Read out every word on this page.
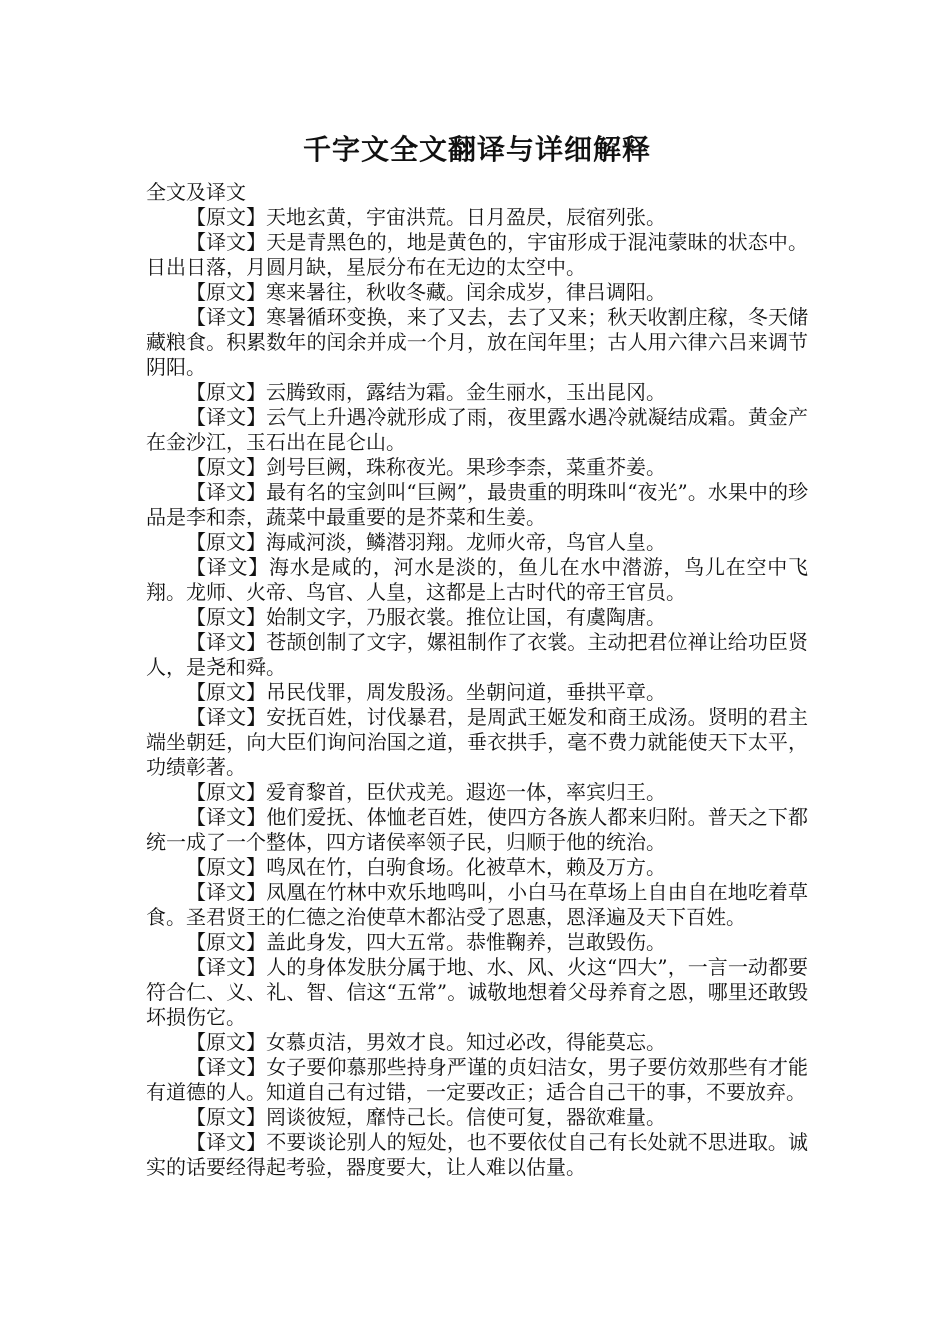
千字文全文翻译与详细解释

全文及译文

【原文】天地玄黄，宇宙洪荒。日月盈昃，辰宿列张。

【译文】天是青黑色的，地是黄色的，宇宙形成于混沌蒙昧的状态中。日出日落，月圆月缺，星辰分布在无边的太空中。

【原文】寒来暑往，秋收冬藏。闰余成岁，律吕调阳。

【译文】寒暑循环变换，来了又去，去了又来；秋天收割庄稼，冬天储藏粮食。积累数年的闰余并成一个月，放在闰年里；古人用六律六吕来调节阴阳。

【原文】云腾致雨，露结为霜。金生丽水，玉出昆冈。

【译文】云气上升遇冷就形成了雨，夜里露水遇冷就凝结成霜。黄金产在金沙江，玉石出在昆仑山。

【原文】剑号巨阙，珠称夜光。果珍李柰，菜重芥姜。

【译文】最有名的宝剑叫“巨阙”，最贵重的明珠叫“夜光”。水果中的珍品是李和柰，蔬菜中最重要的是芥菜和生姜。

【原文】海咸河淡，鳞潜羽翔。龙师火帝，鸟官人皇。

【译文】海水是咸的，河水是淡的，鱼儿在水中潜游，鸟儿在空中飞翔。龙师、火帝、鸟官、人皇，这都是上古时代的帝王官员。

【原文】始制文字，乃服衣裳。推位让国，有虞陶唐。

【译文】苍颉创制了文字，嫘祖制作了衣裳。主动把君位禅让给功臣贤人，是尧和舜。

【原文】吊民伐罪，周发殷汤。坐朝问道，垂拱平章。

【译文】安抚百姓，讨伐暴君，是周武王姬发和商王成汤。贤明的君主端坐朝廷，向大臣们询问治国之道，垂衣拱手，毫不费力就能使天下太平，功绩彰著。

【原文】爱育黎首，臣伏戎羌。遐迩一体，率宾归王。

【译文】他们爱抚、体恤老百姓，使四方各族人都来归附。普天之下都统一成了一个整体，四方诸侯率领子民，归顺于他的统治。

【原文】鸣凤在竹，白驹食场。化被草木，赖及万方。

【译文】凤凰在竹林中欢乐地鸣叫，小白马在草场上自由自在地吃着草食。圣君贤王的仁德之治使草木都沾受了恩惠，恩泽遍及天下百姓。

【原文】盖此身发，四大五常。恭惟鞠养，岂敢毁伤。

【译文】人的身体发肤分属于地、水、风、火这“四大”，一言一动都要符合仁、义、礼、智、信这“五常”。诚敬地想着父母养育之恩，哪里还敢毁坏损伤它。

【原文】女慕贞洁，男效才良。知过必改，得能莫忘。

【译文】女子要仰慕那些持身严谨的贞妇洁女，男子要仿效那些有才能有道德的人。知道自己有过错，一定要改正；适合自己干的事，不要放弃。

【原文】罔谈彼短，靡恃己长。信使可复，器欲难量。

【译文】不要谈论别人的短处，也不要依仗自己有长处就不思进取。诚实的话要经得起考验，器度要大，让人难以估量。
